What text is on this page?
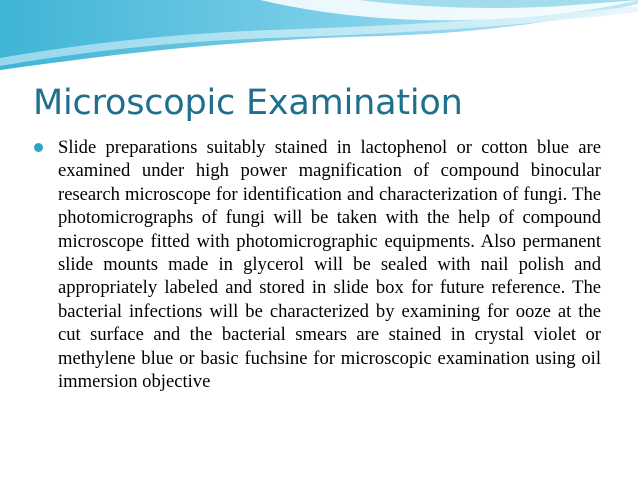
Microscopic Examination

Slide preparations suitably stained in lactophenol or cotton blue are examined under high power magnification of compound binocular research microscope for identification and characterization of fungi. The photomicrographs of fungi will be taken with the help of compound microscope fitted with photomicrographic equipments. Also permanent slide mounts made in glycerol will be sealed with nail polish and appropriately labeled and stored in slide box for future reference. The bacterial infections will be characterized by examining for ooze at the cut surface and the bacterial smears are stained in crystal violet or methylene blue or basic fuchsine for microscopic examination using oil immersion objective
